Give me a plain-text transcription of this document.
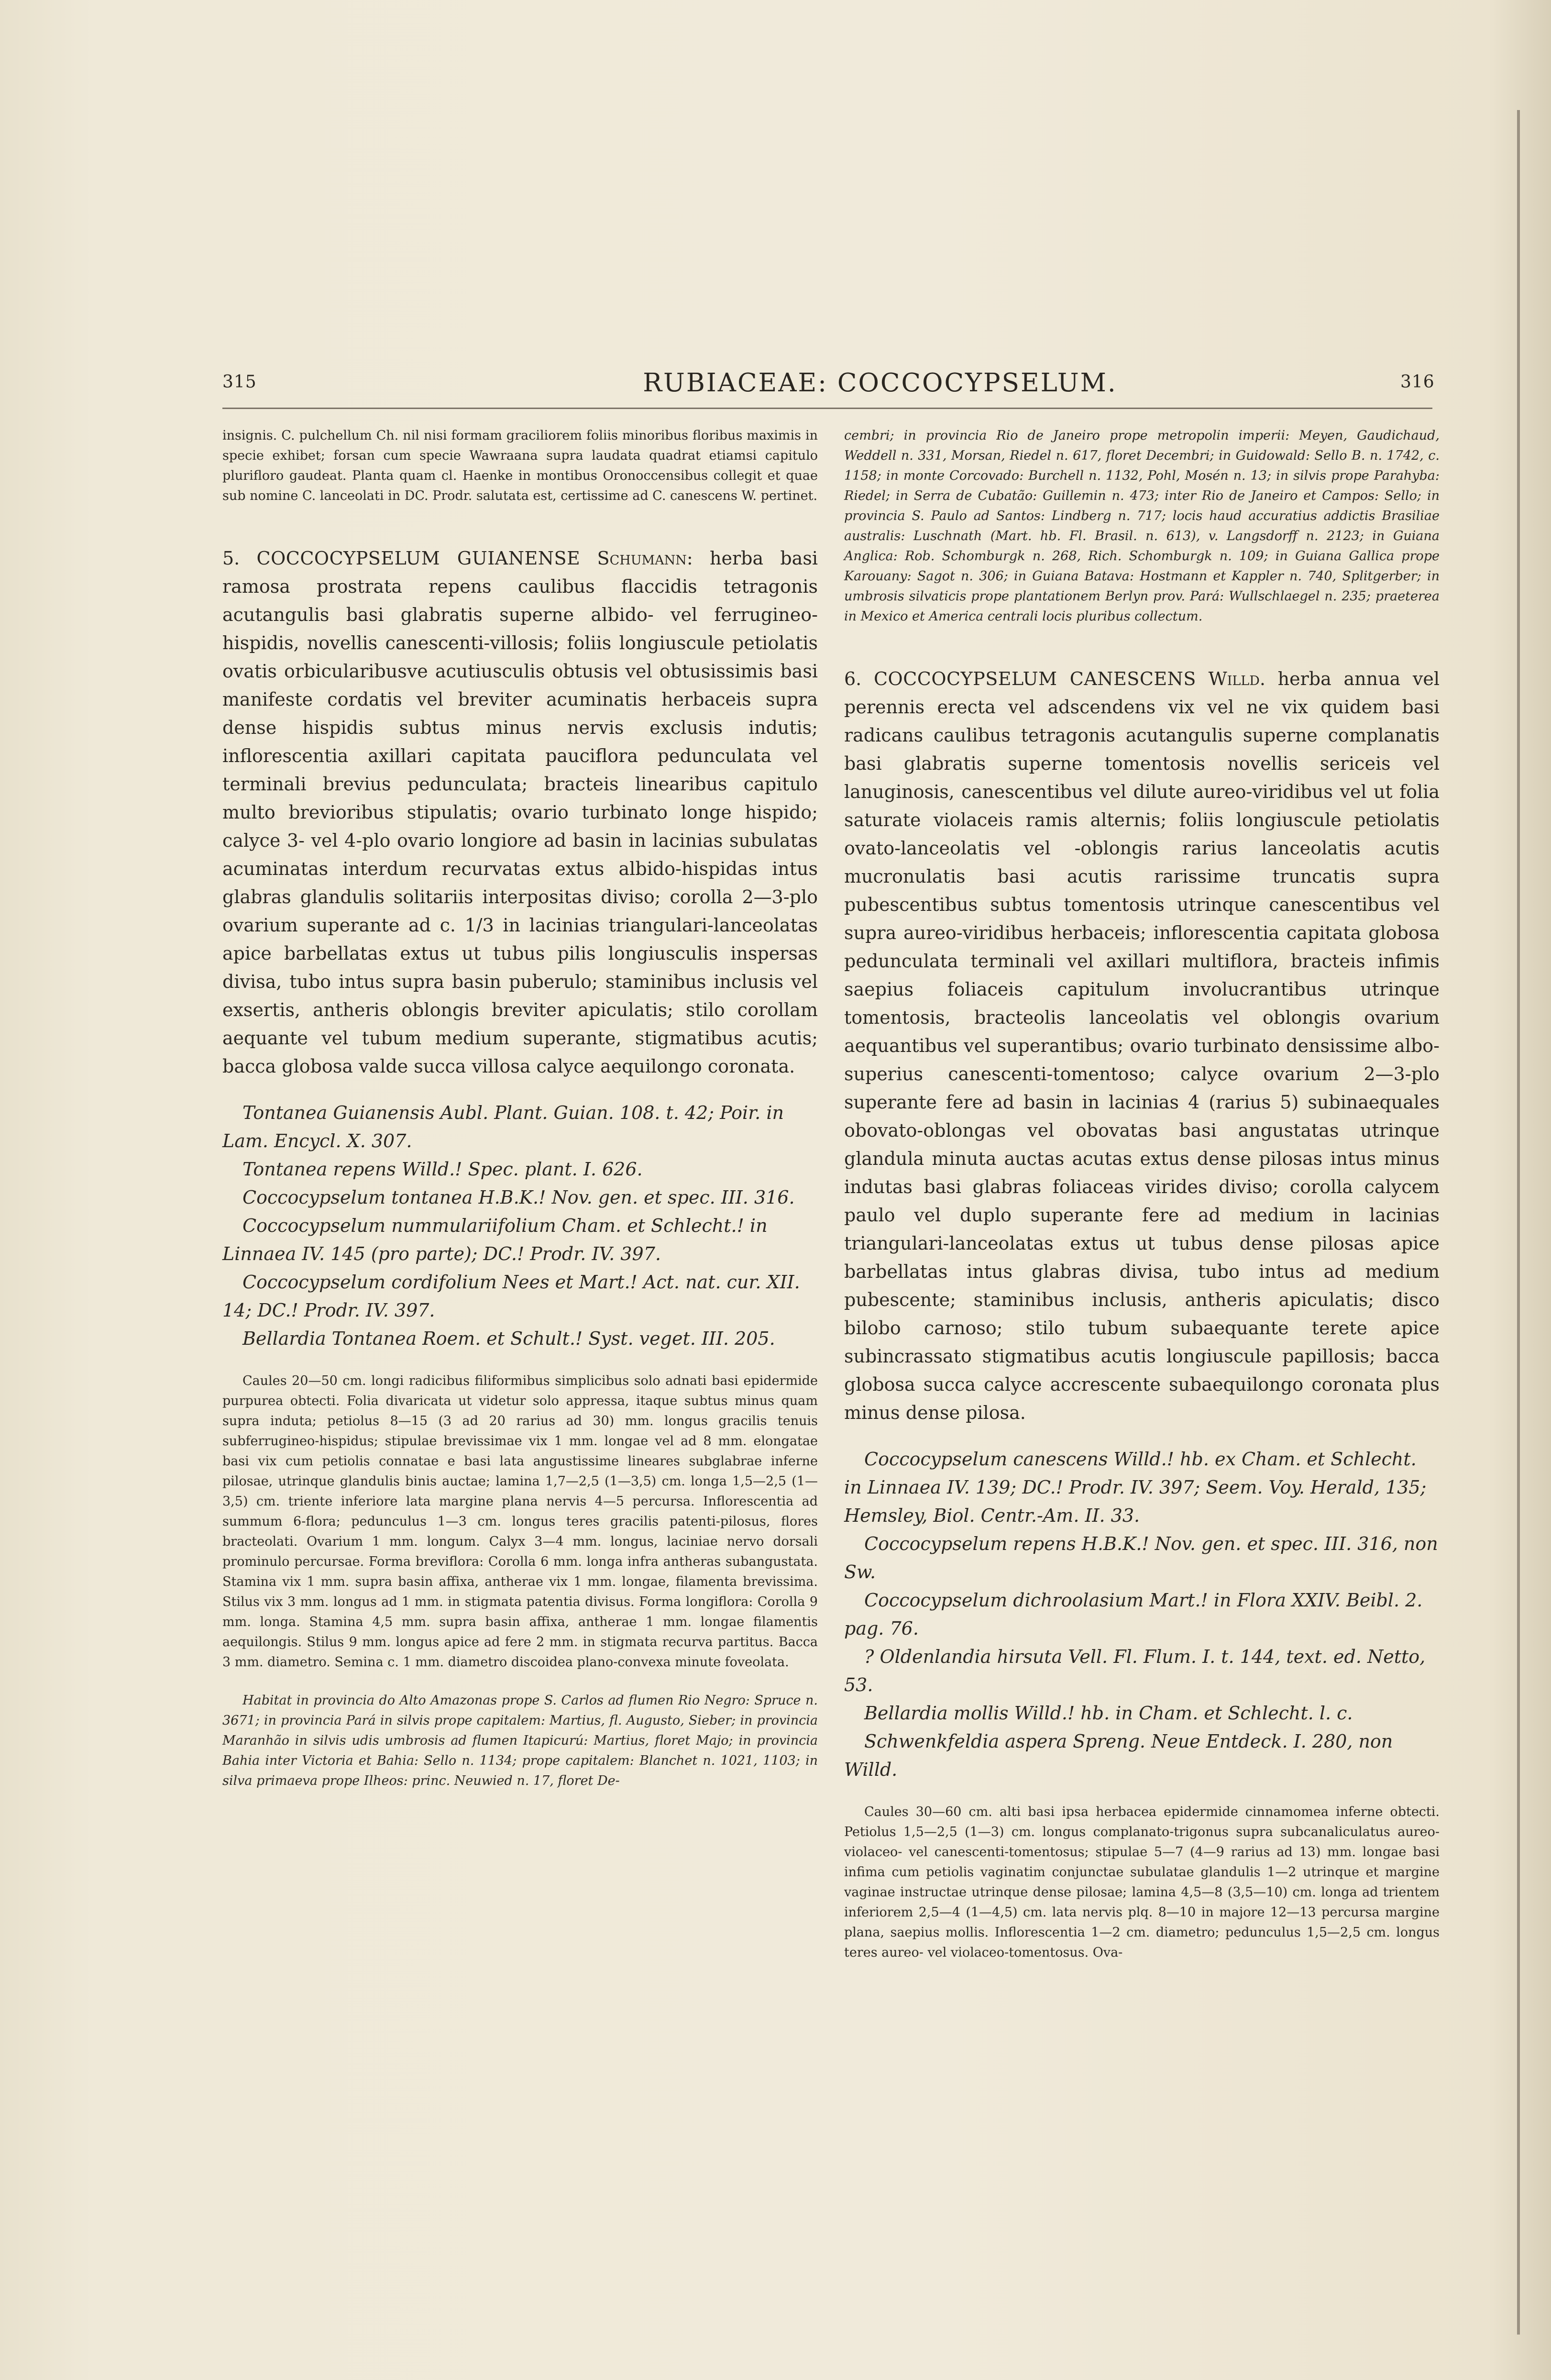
315	RUBIACEAE: COCCOCYPSELUM.	316

insignis. C. pulchellum Ch. nil nisi formam graciliorem foliis minoribus floribus maximis in specie exhibet; forsan cum specie Wawraana supra laudata quadrat etiamsi capitulo plurifloro gaudeat. Planta quam cl. Haenke in montibus Oronoccensibus collegit et quae sub nomine C. lanceolati in DC. Prodr. salutata est, certissime ad C. canescens W. pertinet.

5. COCCOCYPSELUM GUIANENSE Schumann: herba basi ramosa prostrata repens caulibus flaccidis tetragonis acutangulis basi glabratis superne albido- vel ferrugineo-hispidis, novellis canescenti-villosis; foliis longiuscule petiolatis ovatis orbicularibusve acutiusculis obtusis vel obtusissimis basi manifeste cordatis vel breviter acuminatis herbaceis supra dense hispidis subtus minus nervis exclusis indutis; inflorescentia axillari capitata pauciflora pedunculata vel terminali brevius pedunculata; bracteis linearibus capitulo multo brevioribus stipulatis; ovario turbinato longe hispido; calyce 3- vel 4-plo ovario longiore ad basin in lacinias subulatas acuminatas interdum recurvatas extus albido-hispidas intus glabras glandulis solitariis interpositas diviso; corolla 2—3-plo ovarium superante ad c. 1/3 in lacinias triangulari-lanceolatas apice barbellatas extus ut tubus pilis longiusculis inspersas divisa, tubo intus supra basin puberulo; staminibus inclusis vel exsertis, antheris oblongis breviter apiculatis; stilo corollam aequante vel tubum medium superante, stigmatibus acutis; bacca globosa valde succa villosa calyce aequilongo coronata.

Tontanea Guianensis Aubl. Plant. Guian. 108. t. 42; Poir. in Lam. Encycl. X. 307.

Tontanea repens Willd.! Spec. plant. I. 626.

Coccocypselum tontanea H.B.K.! Nov. gen. et spec. III. 316.

Coccocypselum nummulariifolium Cham. et Schlecht.! in Linnaea IV. 145 (pro parte); DC.! Prodr. IV. 397.

Coccocypselum cordifolium Nees et Mart.! Act. nat. cur. XII. 14; DC.! Prodr. IV. 397.

Bellardia Tontanea Roem. et Schult.! Syst. veget. III. 205.

Caules 20—50 cm. longi radicibus filiformibus simplicibus solo adnati basi epidermide purpurea obtecti. Folia divaricata ut videtur solo appressa, itaque subtus minus quam supra induta; petiolus 8—15 (3 ad 20 rarius ad 30) mm. longus gracilis tenuis subferrugineo-hispidus; stipulae brevissimae vix 1 mm. longae vel ad 8 mm. elongatae basi vix cum petiolis connatae e basi lata angustissime lineares subglabrae inferne pilosae, utrinque glandulis binis auctae; lamina 1,7—2,5 (1—3,5) cm. longa 1,5—2,5 (1—3,5) cm. triente inferiore lata margine plana nervis 4—5 percursa. Inflorescentia ad summum 6-flora; pedunculus 1—3 cm. longus teres gracilis patenti-pilosus, flores bracteolati. Ovarium 1 mm. longum. Calyx 3—4 mm. longus, laciniae nervo dorsali prominulo percursae. Forma breviflora: Corolla 6 mm. longa infra antheras subangustata. Stamina vix 1 mm. supra basin affixa, antherae vix 1 mm. longae, filamenta brevissima. Stilus vix 3 mm. longus ad 1 mm. in stigmata patentia divisus. Forma longiflora: Corolla 9 mm. longa. Stamina 4,5 mm. supra basin affixa, antherae 1 mm. longae filamentis aequilongis. Stilus 9 mm. longus apice ad fere 2 mm. in stigmata recurva partitus. Bacca 3 mm. diametro. Semina c. 1 mm. diametro discoidea plano-convexa minute foveolata.

Habitat in provincia do Alto Amazonas prope S. Carlos ad flumen Rio Negro: Spruce n. 3671; in provincia Pará in silvis prope capitalem: Martius, fl. Augusto, Sieber; in provincia Maranhão in silvis udis umbrosis ad flumen Itapicurú: Martius, floret Majo; in provincia Bahia inter Victoria et Bahia: Sello n. 1134; prope capitalem: Blanchet n. 1021, 1103; in silva primaeva prope Ilheos: princ. Neuwied n. 17, floret De-

cembri; in provincia Rio de Janeiro prope metropolin imperii: Meyen, Gaudichaud, Weddell n. 331, Morsan, Riedel n. 617, floret Decembri; in Guidowald: Sello B. n. 1742, c. 1158; in monte Corcovado: Burchell n. 1132, Pohl, Mosén n. 13; in silvis prope Parahyba: Riedel; in Serra de Cubatão: Guillemin n. 473; inter Rio de Janeiro et Campos: Sello; in provincia S. Paulo ad Santos: Lindberg n. 717; locis haud accuratius addictis Brasiliae australis: Luschnath (Mart. hb. Fl. Brasil. n. 613), v. Langsdorff n. 2123; in Guiana Anglica: Rob. Schomburgk n. 268, Rich. Schomburgk n. 109; in Guiana Gallica prope Karouany: Sagot n. 306; in Guiana Batava: Hostmann et Kappler n. 740, Splitgerber; in umbrosis silvaticis prope plantationem Berlyn prov. Pará: Wullschlaegel n. 235; praeterea in Mexico et America centrali locis pluribus collectum.

6. COCCOCYPSELUM CANESCENS Willd. herba annua vel perennis erecta vel adscendens vix vel ne vix quidem basi radicans caulibus tetragonis acutangulis superne complanatis basi glabratis superne tomentosis novellis sericeis vel lanuginosis, canescentibus vel dilute aureo-viridibus vel ut folia saturate violaceis ramis alternis; foliis longiuscule petiolatis ovato-lanceolatis vel -oblongis rarius lanceolatis acutis mucronulatis basi acutis rarissime truncatis supra pubescentibus subtus tomentosis utrinque canescentibus vel supra aureo-viridibus herbaceis; inflorescentia capitata globosa pedunculata terminali vel axillari multiflora, bracteis infimis saepius foliaceis capitulum involucrantibus utrinque tomentosis, bracteolis lanceolatis vel oblongis ovarium aequantibus vel superantibus; ovario turbinato densissime albo- superius canescenti-tomentoso; calyce ovarium 2—3-plo superante fere ad basin in lacinias 4 (rarius 5) subinaequales obovato-oblongas vel obovatas basi angustatas utrinque glandula minuta auctas acutas extus dense pilosas intus minus indutas basi glabras foliaceas virides diviso; corolla calycem paulo vel duplo superante fere ad medium in lacinias triangulari-lanceolatas extus ut tubus dense pilosas apice barbellatas intus glabras divisa, tubo intus ad medium pubescente; staminibus inclusis, antheris apiculatis; disco bilobo carnoso; stilo tubum subaequante terete apice subincrassato stigmatibus acutis longiuscule papillosis; bacca globosa succa calyce accrescente subaequilongo coronata plus minus dense pilosa.

Coccocypselum canescens Willd.! hb. ex Cham. et Schlecht. in Linnaea IV. 139; DC.! Prodr. IV. 397; Seem. Voy. Herald, 135; Hemsley, Biol. Centr.-Am. II. 33.

Coccocypselum repens H.B.K.! Nov. gen. et spec. III. 316, non Sw.

Coccocypselum dichroolasium Mart.! in Flora XXIV. Beibl. 2. pag. 76.

? Oldenlandia hirsuta Vell. Fl. Flum. I. t. 144, text. ed. Netto, 53.

Bellardia mollis Willd.! hb. in Cham. et Schlecht. l. c.

Schwenkfeldia aspera Spreng. Neue Entdeck. I. 280, non Willd.

Caules 30—60 cm. alti basi ipsa herbacea epidermide cinnamomea inferne obtecti. Petiolus 1,5—2,5 (1—3) cm. longus complanato-trigonus supra subcanaliculatus aureo- violaceo- vel canescenti-tomentosus; stipulae 5—7 (4—9 rarius ad 13) mm. longae basi infima cum petiolis vaginatim conjunctae subulatae glandulis 1—2 utrinque et margine vaginae instructae utrinque dense pilosae; lamina 4,5—8 (3,5—10) cm. longa ad trientem inferiorem 2,5—4 (1—4,5) cm. lata nervis plq. 8—10 in majore 12—13 percursa margine plana, saepius mollis. Inflorescentia 1—2 cm. diametro; pedunculus 1,5—2,5 cm. longus teres aureo- vel violaceo-tomentosus. Ova-
